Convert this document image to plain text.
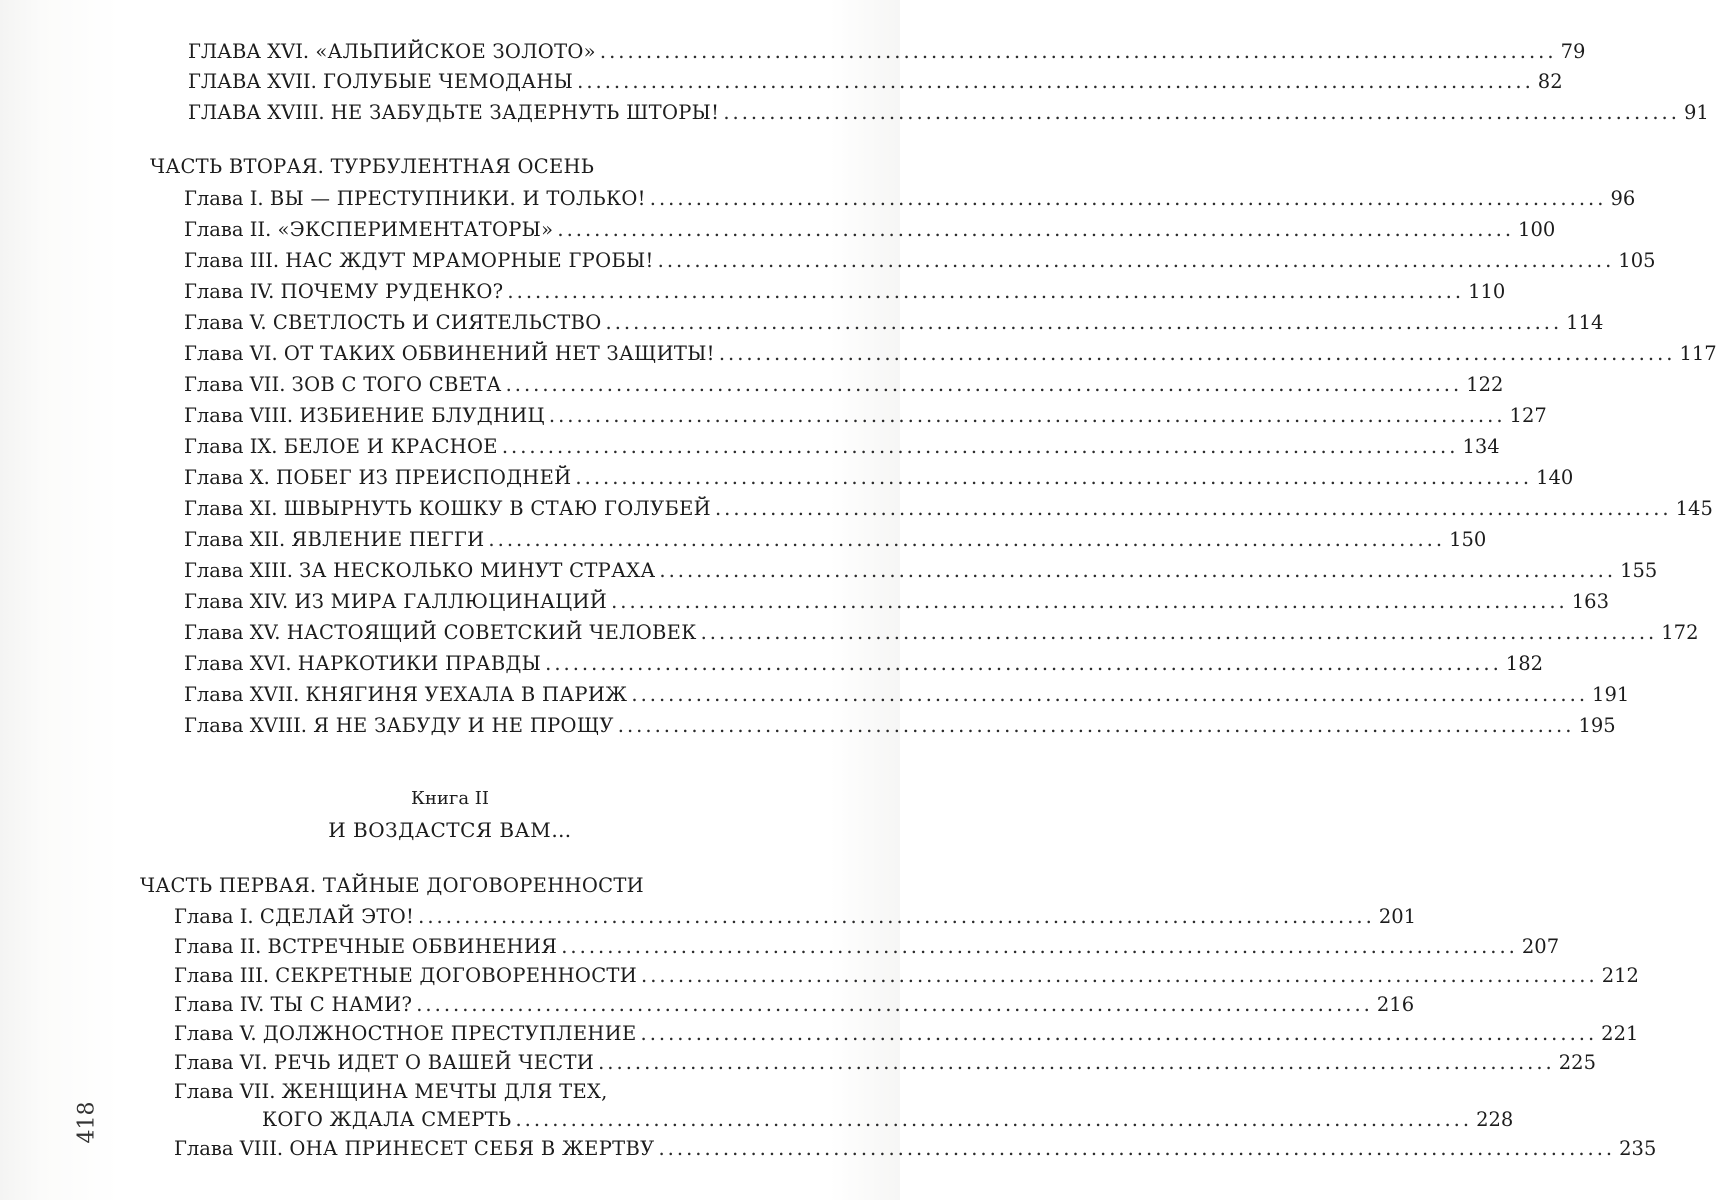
ГЛАВА XVI.
«АЛЬПИЙСКОЕ ЗОЛОТО» ........................................................................................................ 79
ГЛАВА XVII.
ГОЛУБЫЕ ЧЕМОДАНЫ ........................................................................................................ 82
ГЛАВА XVIII.
НЕ ЗАБУДЬТЕ ЗАДЕРНУТЬ ШТОРЫ! ........................................................................................................ 91
ЧАСТЬ ВТОРАЯ. ТУРБУЛЕНТНАЯ ОСЕНЬ
Глава I.
ВЫ — ПРЕСТУПНИКИ. И ТОЛЬКО! ........................................................................................................ 96
Глава II.
«ЭКСПЕРИМЕНТАТОРЫ» ........................................................................................................ 100
Глава III.
НАС ЖДУТ МРАМОРНЫЕ ГРОБЫ! ........................................................................................................ 105
Глава IV.
ПОЧЕМУ РУДЕНКО? ........................................................................................................ 110
Глава V.
СВЕТЛОСТЬ И СИЯТЕЛЬСТВО ........................................................................................................ 114
Глава VI.
ОТ ТАКИХ ОБВИНЕНИЙ НЕТ ЗАЩИТЫ! ........................................................................................................ 117
Глава VII.
ЗОВ С ТОГО СВЕТА ........................................................................................................ 122
Глава VIII.
ИЗБИЕНИЕ БЛУДНИЦ ........................................................................................................ 127
Глава IX.
БЕЛОЕ И КРАСНОЕ ........................................................................................................ 134
Глава X.
ПОБЕГ ИЗ ПРЕИСПОДНЕЙ ........................................................................................................ 140
Глава XI.
ШВЫРНУТЬ КОШКУ В СТАЮ ГОЛУБЕЙ ........................................................................................................ 145
Глава XII.
ЯВЛЕНИЕ ПЕГГИ ........................................................................................................ 150
Глава XIII.
ЗА НЕСКОЛЬКО МИНУТ СТРАХА ........................................................................................................ 155
Глава XIV.
ИЗ МИРА ГАЛЛЮЦИНАЦИЙ ........................................................................................................ 163
Глава XV.
НАСТОЯЩИЙ СОВЕТСКИЙ ЧЕЛОВЕК ........................................................................................................ 172
Глава XVI.
НАРКОТИКИ ПРАВДЫ ........................................................................................................ 182
Глава XVII.
КНЯГИНЯ УЕХАЛА В ПАРИЖ ........................................................................................................ 191
Глава XVIII.
Я НЕ ЗАБУДУ И НЕ ПРОЩУ ........................................................................................................ 195
Книга II
И ВОЗДАСТСЯ ВАМ…
ЧАСТЬ ПЕРВАЯ. ТАЙНЫЕ ДОГОВОРЕННОСТИ
Глава I.
СДЕЛАЙ ЭТО! ........................................................................................................ 201
Глава II.
ВСТРЕЧНЫЕ ОБВИНЕНИЯ ........................................................................................................ 207
Глава III.
СЕКРЕТНЫЕ ДОГОВОРЕННОСТИ ........................................................................................................ 212
Глава IV.
ТЫ С НАМИ? ........................................................................................................ 216
Глава V.
ДОЛЖНОСТНОЕ ПРЕСТУПЛЕНИЕ ........................................................................................................ 221
Глава VI.
РЕЧЬ ИДЕТ О ВАШЕЙ ЧЕСТИ ........................................................................................................ 225
Глава VII.
ЖЕНЩИНА МЕЧТЫ ДЛЯ ТЕХ,
КОГО ЖДАЛА СМЕРТЬ ........................................................................................................ 228
Глава VIII.
ОНА ПРИНЕСЕТ СЕБЯ В ЖЕРТВУ ........................................................................................................ 235
418
